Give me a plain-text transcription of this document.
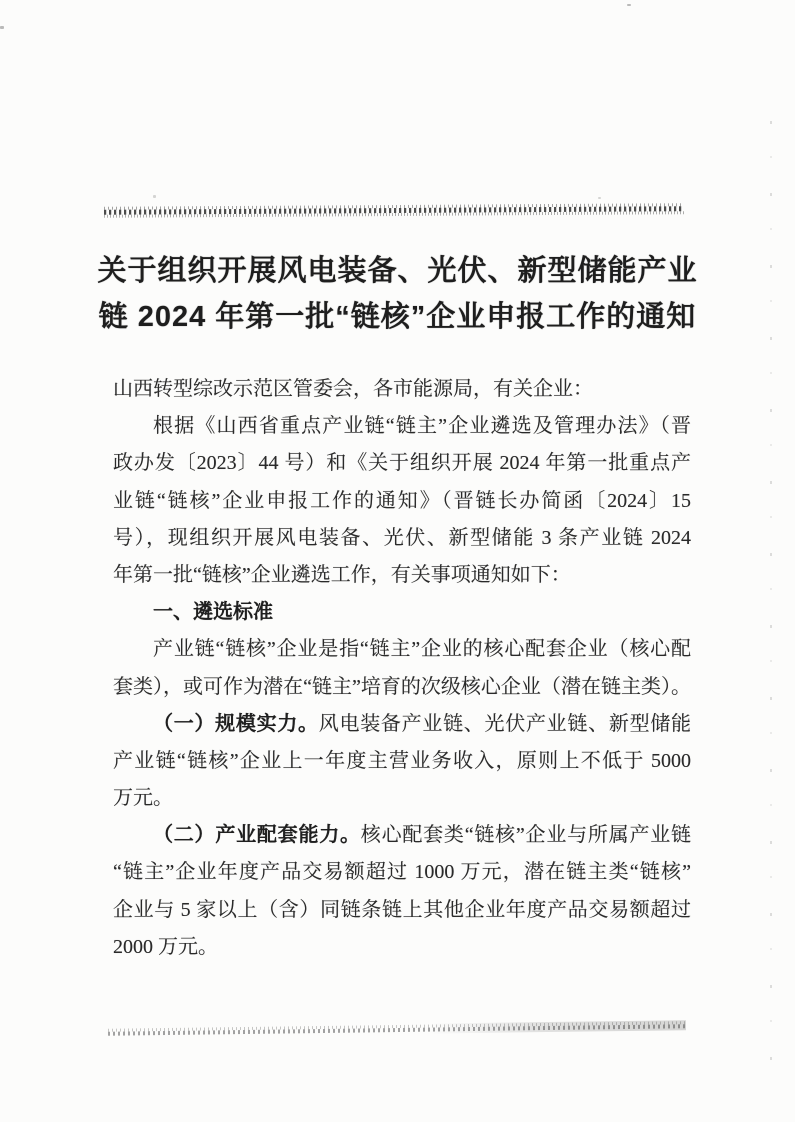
关于组织开展风电装备、光伏、新型储能产业
链 2024 年第一批“链核”企业申报工作的通知
山西转型综改示范区管委会，各市能源局，有关企业：
根据《山西省重点产业链“链主”企业遴选及管理办法》（晋
政办发〔2023〕44 号）和《关于组织开展 2024 年第一批重点产
业链“链核”企业申报工作的通知》（晋链长办简函〔2024〕15
号），现组织开展风电装备、光伏、新型储能 3 条产业链 2024
年第一批“链核”企业遴选工作，有关事项通知如下：
一、遴选标准
产业链“链核”企业是指“链主”企业的核心配套企业（核心配
套类），或可作为潜在“链主”培育的次级核心企业（潜在链主类）。
（一）规模实力。风电装备产业链、光伏产业链、新型储能
产业链“链核”企业上一年度主营业务收入，原则上不低于 5000
万元。
（二）产业配套能力。核心配套类“链核”企业与所属产业链
“链主”企业年度产品交易额超过 1000 万元，潜在链主类“链核”
企业与 5 家以上（含）同链条链上其他企业年度产品交易额超过
2000 万元。
